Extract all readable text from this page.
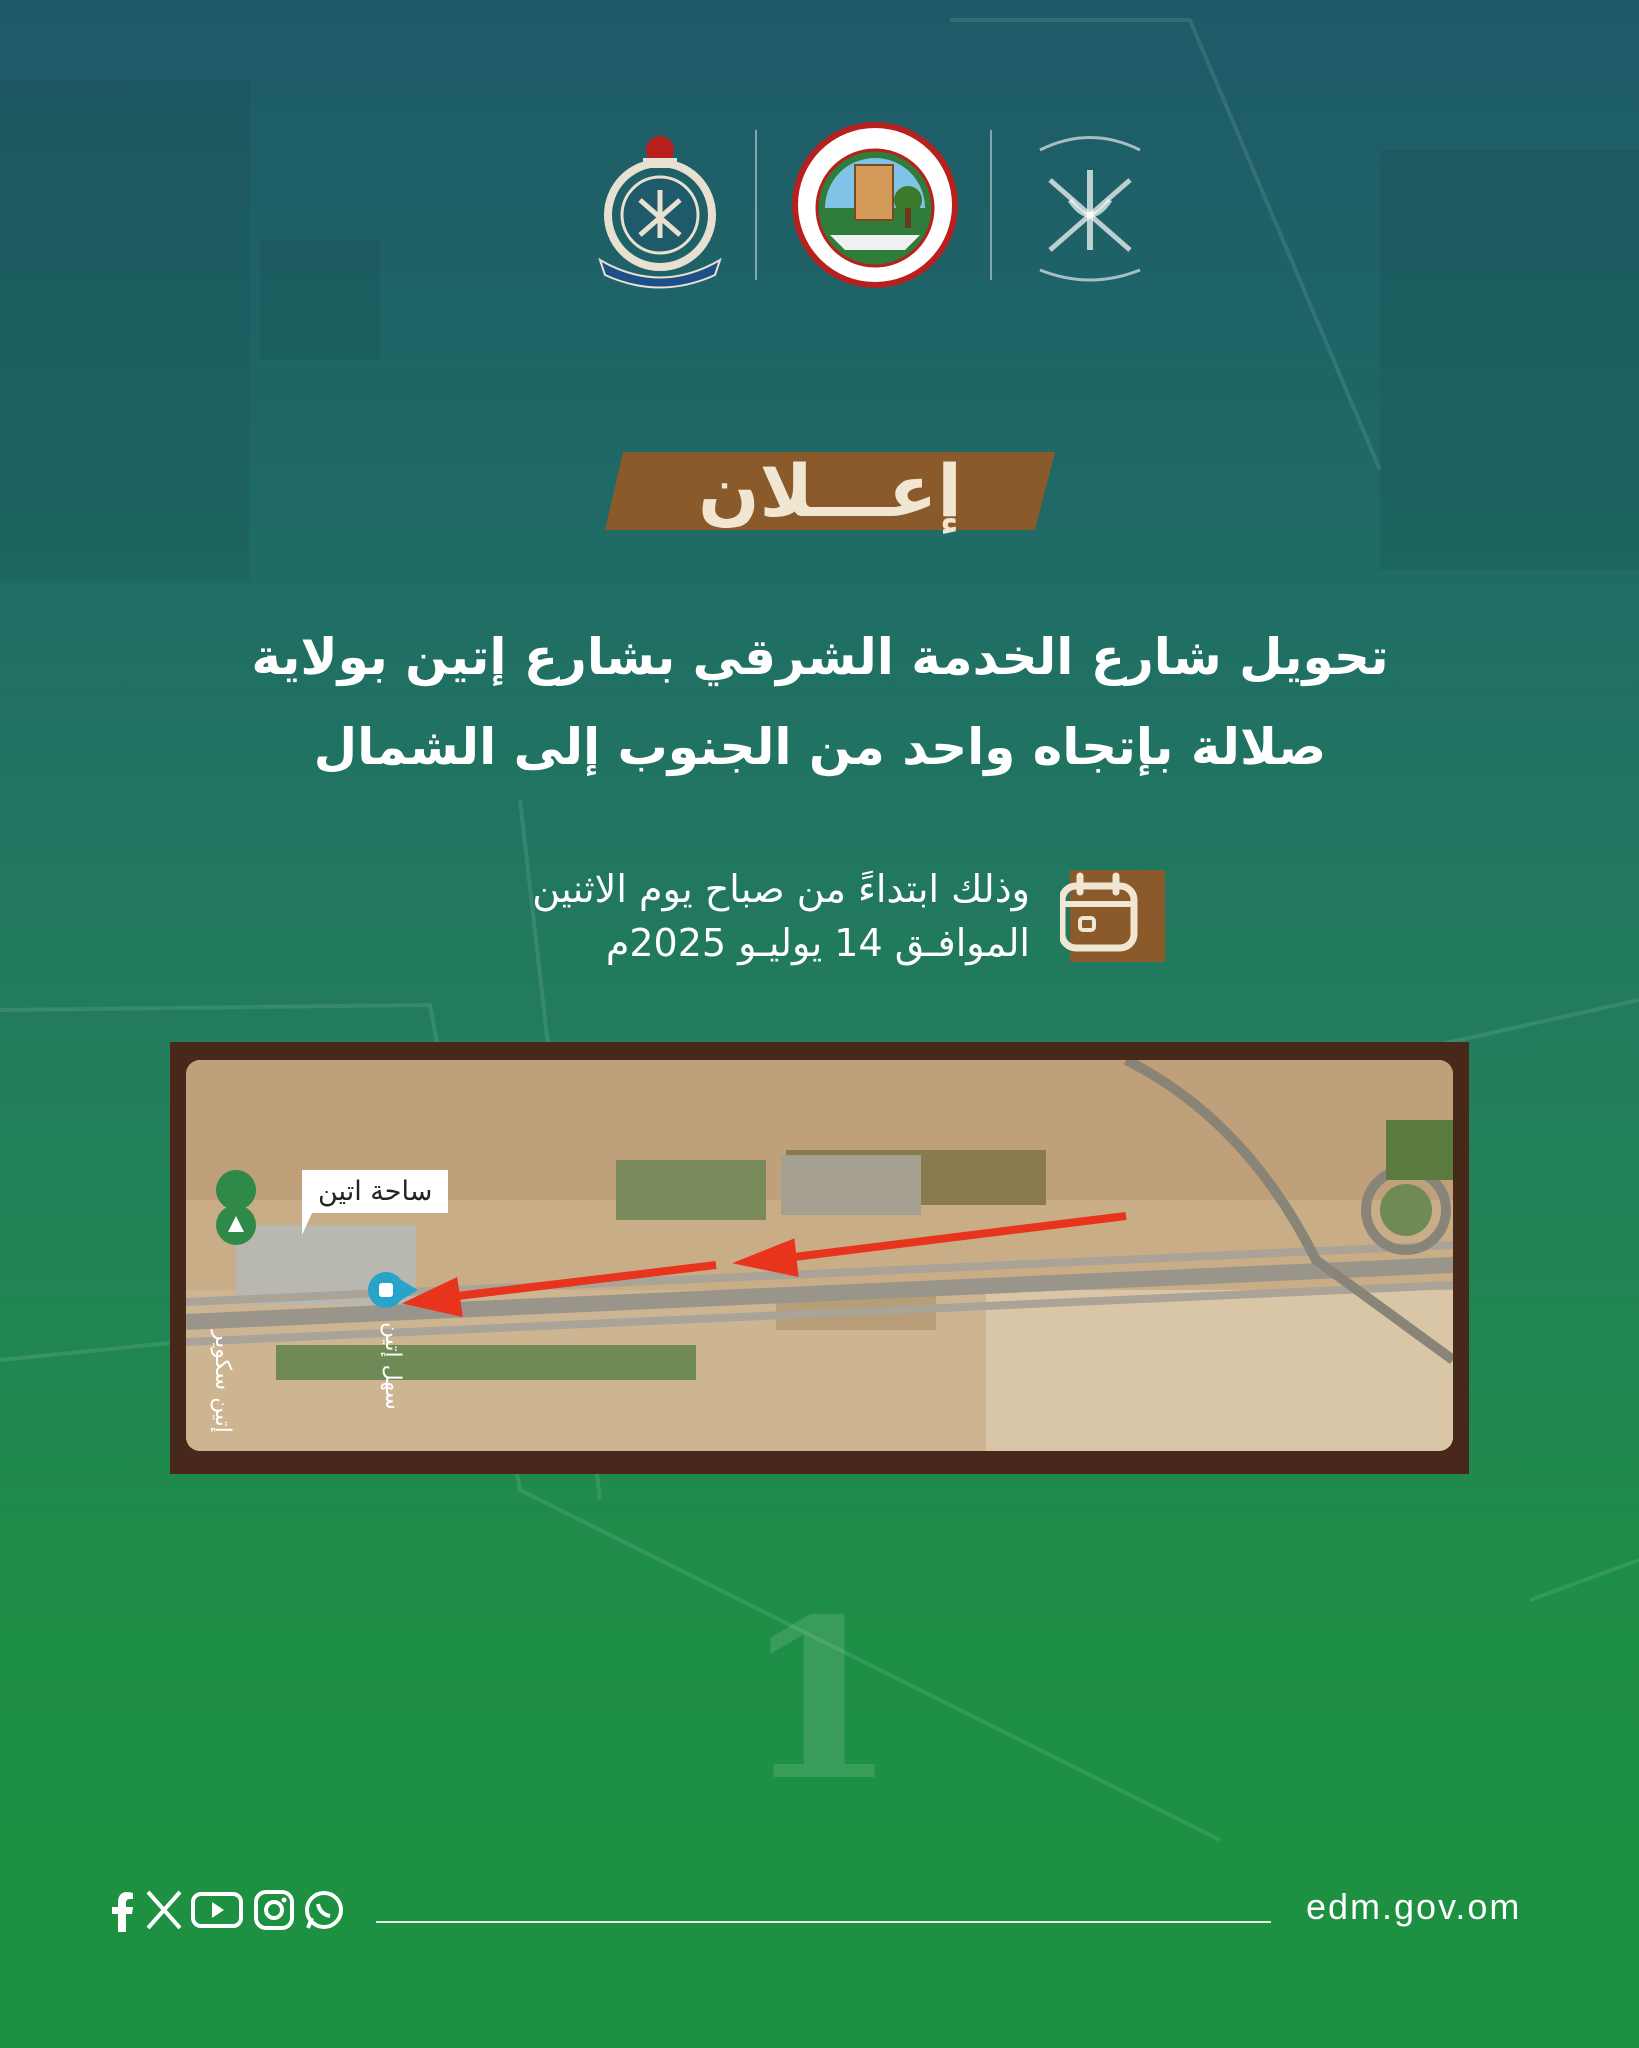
إعـــلان
تحويل شارع الخدمة الشرقي بشارع إتين بولاية
صلالة بإتجاه واحد من الجنوب إلى الشمال
وذلك ابتداءً من صباح يوم الاثنين
الموافـق 14 يوليـو 2025م
إتين سكوير	سهل إتين
ساحة اتين
1
edm.gov.om
